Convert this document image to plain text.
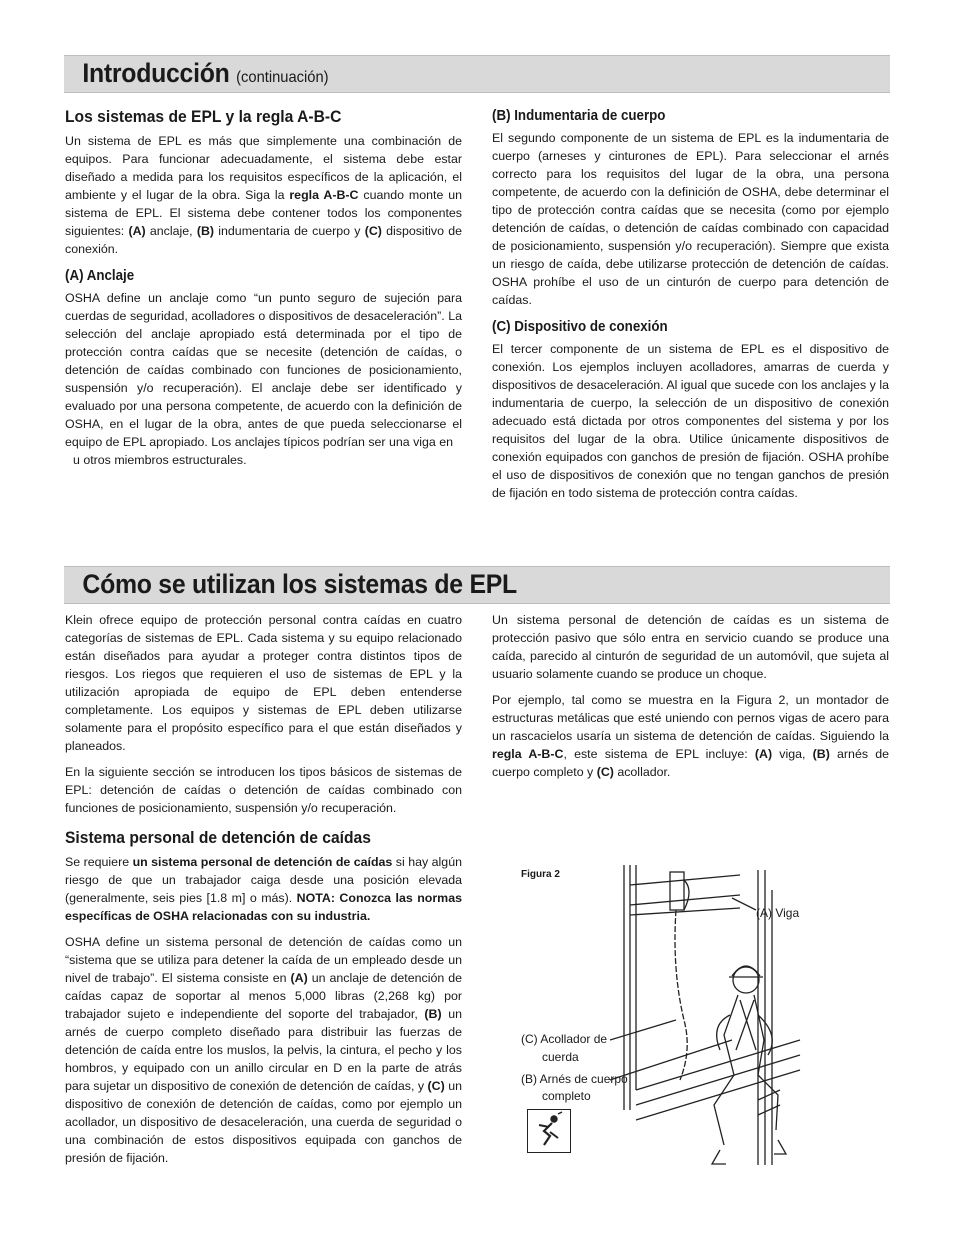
Introducción (continuación)
Los sistemas de EPL y la regla A-B-C

Un sistema de EPL es más que simplemente una combinación de equipos. Para funcionar adecuadamente, el sistema debe estar diseñado a medida para los requisitos específicos de la aplicación, el ambiente y el lugar de la obra. Siga la regla A-B-C cuando monte un sistema de EPL. El sistema debe contener todos los componentes siguientes: (A) anclaje, (B) indumentaria de cuerpo y (C) dispositivo de conexión.

(A) Anclaje

OSHA define un anclaje como “un punto seguro de sujeción para cuerdas de seguridad, acolladores o dispositivos de desaceleración”. La selección del anclaje apropiado está determinada por el tipo de protección contra caídas que se necesite (detención de caídas, o detención de caídas combinado con funciones de posicionamiento, suspensión y/o recuperación). El anclaje debe ser identificado y evaluado por una persona competente, de acuerdo con la definición de OSHA, en el lugar de la obra, antes de que pueda seleccionarse el equipo de EPL apropiado. Los anclajes típicos podrían ser una viga en

u otros miembros estructurales.

(B) Indumentaria de cuerpo

El segundo componente de un sistema de EPL es la indumentaria de cuerpo (arneses y cinturones de EPL). Para seleccionar el arnés correcto para los requisitos del lugar de la obra, una persona competente, de acuerdo con la definición de OSHA, debe determinar el tipo de protección contra caídas que se necesita (como por ejemplo detención de caídas, o detención de caídas combinado con capacidad de posicionamiento, suspensión y/o recuperación). Siempre que exista un riesgo de caída, debe utilizarse protección de detención de caídas. OSHA prohíbe el uso de un cinturón de cuerpo para detención de caídas.

(C) Dispositivo de conexión

El tercer componente de un sistema de EPL es el dispositivo de conexión. Los ejemplos incluyen acolladores, amarras de cuerda y dispositivos de desaceleración. Al igual que sucede con los anclajes y la indumentaria de cuerpo, la selección de un dispositivo de conexión adecuado está dictada por otros componentes del sistema y por los requisitos del lugar de la obra. Utilice únicamente dispositivos de conexión equipados con ganchos de presión de fijación. OSHA prohíbe el uso de dispositivos de conexión que no tengan ganchos de presión de fijación en todo sistema de protección contra caídas.

Cómo se utilizan los sistemas de EPL

Klein ofrece equipo de protección personal contra caídas en cuatro categorías de sistemas de EPL. Cada sistema y su equipo relacionado están diseñados para ayudar a proteger contra distintos tipos de riesgos. Los riegos que requieren el uso de sistemas de EPL y la utilización apropiada de equipo de EPL deben entenderse completamente. Los equipos y sistemas de EPL deben utilizarse solamente para el propósito específico para el que están diseñados y planeados.

En la siguiente sección se introducen los tipos básicos de sistemas de EPL: detención de caídas o detención de caídas combinado con funciones de posicionamiento, suspensión y/o recuperación.

Sistema personal de detención de caídas

Se requiere un sistema personal de detención de caídas si hay algún riesgo de que un trabajador caiga desde una posición elevada (generalmente, seis pies [1.8 m] o más). NOTA: Conozca las normas específicas de OSHA relacionadas con su industria.

OSHA define un sistema personal de detención de caídas como un “sistema que se utiliza para detener la caída de un empleado desde un nivel de trabajo”. El sistema consiste en (A) un anclaje de detención de caídas capaz de soportar al menos 5,000 libras (2,268 kg) por trabajador sujeto e independiente del soporte del trabajador, (B) un arnés de cuerpo completo diseñado para distribuir las fuerzas de detención de caída entre los muslos, la pelvis, la cintura, el pecho y los hombros, y equipado con un anillo circular en D en la parte de atrás para sujetar un dispositivo de conexión de detención de caídas, y (C) un dispositivo de conexión de detención de caídas, como por ejemplo un acollador, un dispositivo de desaceleración, una cuerda de seguridad o una combinación de estos dispositivos equipada con ganchos de presión de fijación.

Un sistema personal de detención de caídas es un sistema de protección pasivo que sólo entra en servicio cuando se produce una caída, parecido al cinturón de seguridad de un automóvil, que sujeta al usuario solamente cuando se produce un choque.

Por ejemplo, tal como se muestra en la Figura 2, un montador de estructuras metálicas que esté uniendo con pernos vigas de acero para un rascacielos usaría un sistema de detención de caídas. Siguiendo la regla A-B-C, este sistema de EPL incluye: (A) viga, (B) arnés de cuerpo completo y (C) acollador.

Figura 2
(A) Viga
(C) Acollador de
cuerda
(B) Arnés de cuerpo
completo
